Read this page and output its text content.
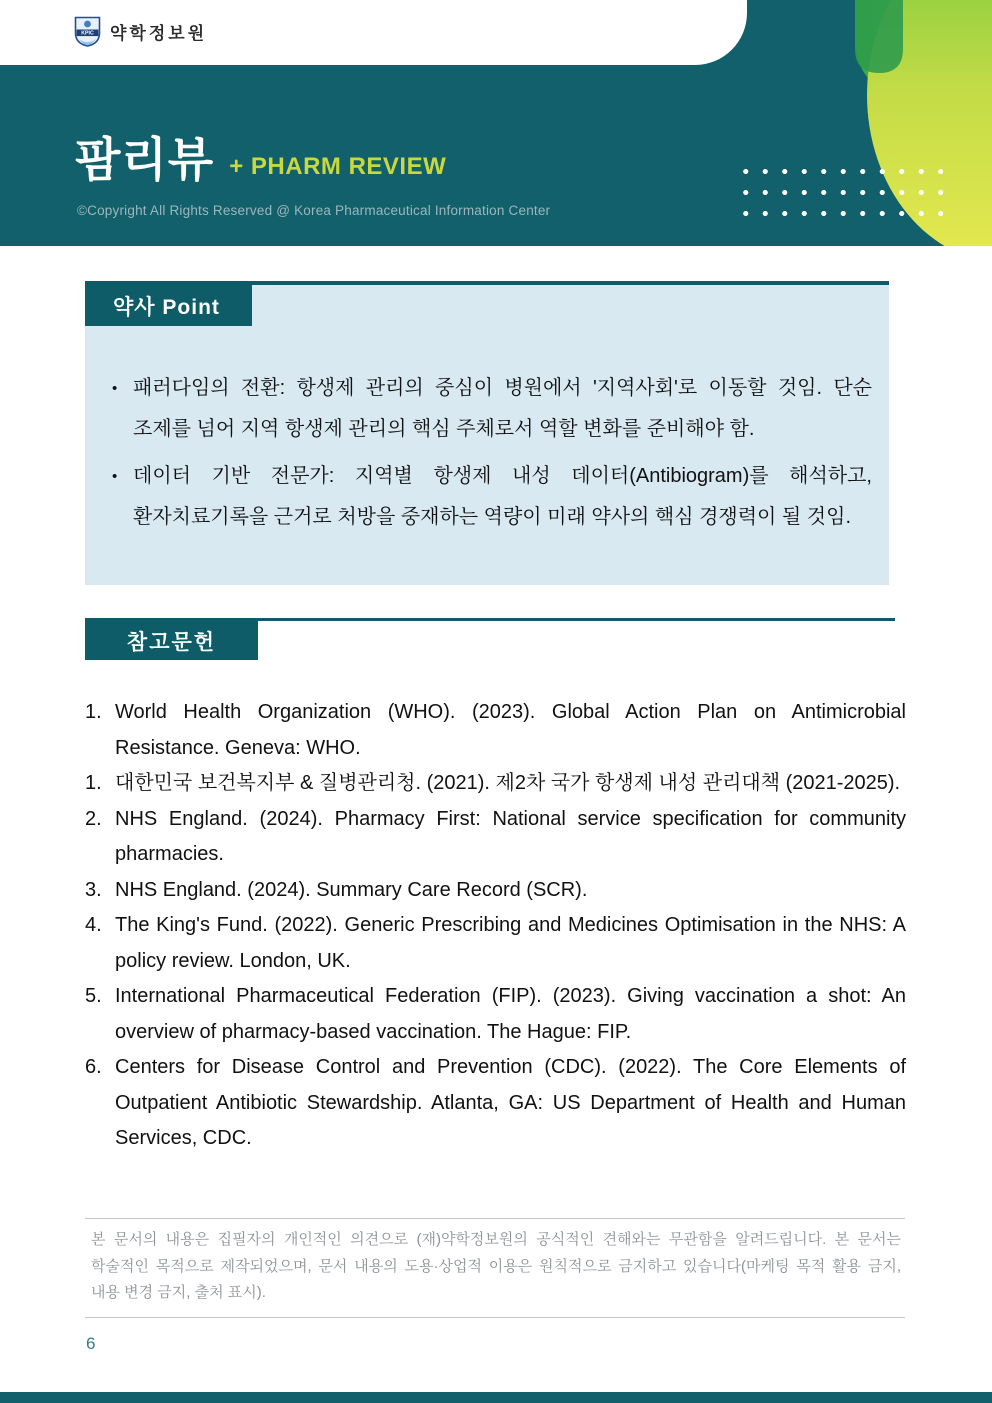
팜리뷰 + PHARM REVIEW
©Copyright All Rights Reserved @ Korea Pharmaceutical Information Center
KPIC 약학정보원
약사 Point
• 패러다임의 전환: 항생제 관리의 중심이 병원에서 '지역사회'로 이동할 것임. 단순 조제를 넘어 지역 항생제 관리의 핵심 주체로서 역할 변화를 준비해야 함.
• 데이터 기반 전문가: 지역별 항생제 내성 데이터(Antibiogram)를 해석하고, 환자치료기록을 근거로 처방을 중재하는 역량이 미래 약사의 핵심 경쟁력이 될 것임.
참고문헌
1. World Health Organization (WHO). (2023). Global Action Plan on Antimicrobial Resistance. Geneva: WHO.
1. 대한민국 보건복지부 & 질병관리청. (2021). 제2차 국가 항생제 내성 관리대책 (2021-2025).
2. NHS England. (2024). Pharmacy First: National service specification for community pharmacies.
3. NHS England. (2024). Summary Care Record (SCR).
4. The King's Fund. (2022). Generic Prescribing and Medicines Optimisation in the NHS: A policy review. London, UK.
5. International Pharmaceutical Federation (FIP). (2023). Giving vaccination a shot: An overview of pharmacy-based vaccination. The Hague: FIP.
6. Centers for Disease Control and Prevention (CDC). (2022). The Core Elements of Outpatient Antibiotic Stewardship. Atlanta, GA: US Department of Health and Human Services, CDC.
본 문서의 내용은 집필자의 개인적인 의견으로 (재)약학정보원의 공식적인 견해와는 무관함을 알려드립니다. 본 문서는 학술적인 목적으로 제작되었으며, 문서 내용의 도용·상업적 이용은 원칙적으로 금지하고 있습니다(마케팅 목적 활용 금지, 내용 변경 금지, 출처 표시).
6
